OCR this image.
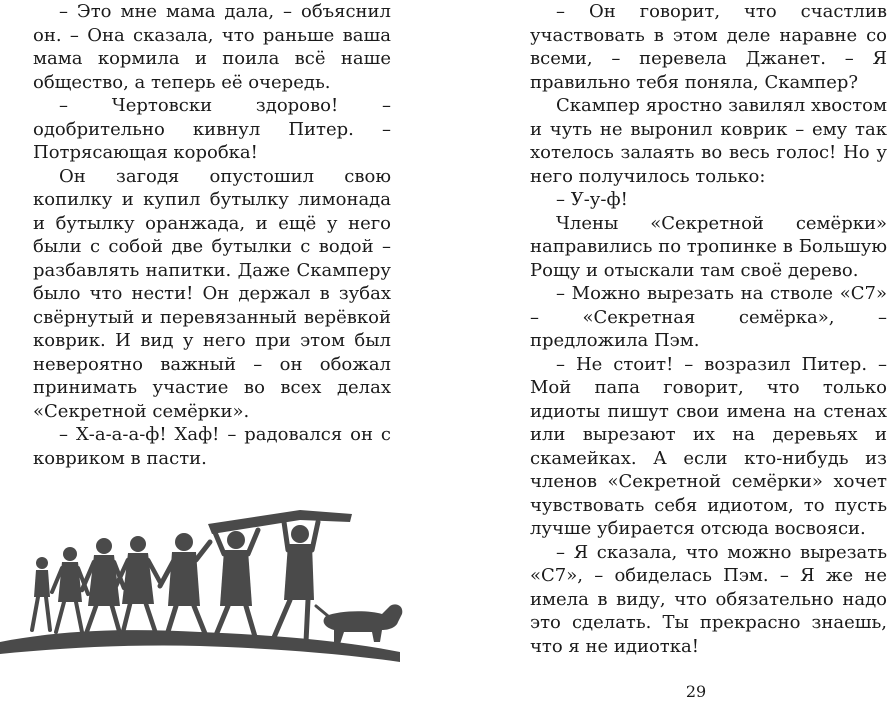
– Это мне мама дала, – объяснил он. – Она сказала, что раньше ваша мама кормила и поила всё наше общество, а теперь её очередь.

– Чертовски здорово! – одобрительно кивнул Питер. – Потрясающая коробка!

Он загодя опустошил свою копилку и купил бутылку лимонада и бутылку оранжада, и ещё у него были с собой две бутылки с водой – разбавлять напитки. Даже Скамперу было что нести! Он держал в зубах свёрнутый и перевязанный верёвкой коврик. И вид у него при этом был невероятно важный – он обожал принимать участие во всех делах «Секретной семёрки».

– Х-а-а-а-ф! Хаф! – радовался он с ковриком в пасти.

– Он говорит, что счастлив участвовать в этом деле наравне со всеми, – перевела Джанет. – Я правильно тебя поняла, Скампер?

Скампер яростно завилял хвостом и чуть не выронил коврик – ему так хотелось залаять во весь голос! Но у него получилось только:

– У-у-ф!

Члены «Секретной семёрки» направились по тропинке в Большую Рощу и отыскали там своё дерево.

– Можно вырезать на стволе «С7» – «Секретная семёрка», – предложила Пэм.

– Не стоит! – возразил Питер. – Мой папа говорит, что только идиоты пишут свои имена на стенах или вырезают их на деревьях и скамейках. А если кто-нибудь из членов «Секретной семёрки» хочет чувствовать себя идиотом, то пусть лучше убирается отсюда восвояси.

– Я сказала, что можно вырезать «С7», – обиделась Пэм. – Я же не имела в виду, что обязательно надо это сделать. Ты прекрасно знаешь, что я не идиотка!

29
